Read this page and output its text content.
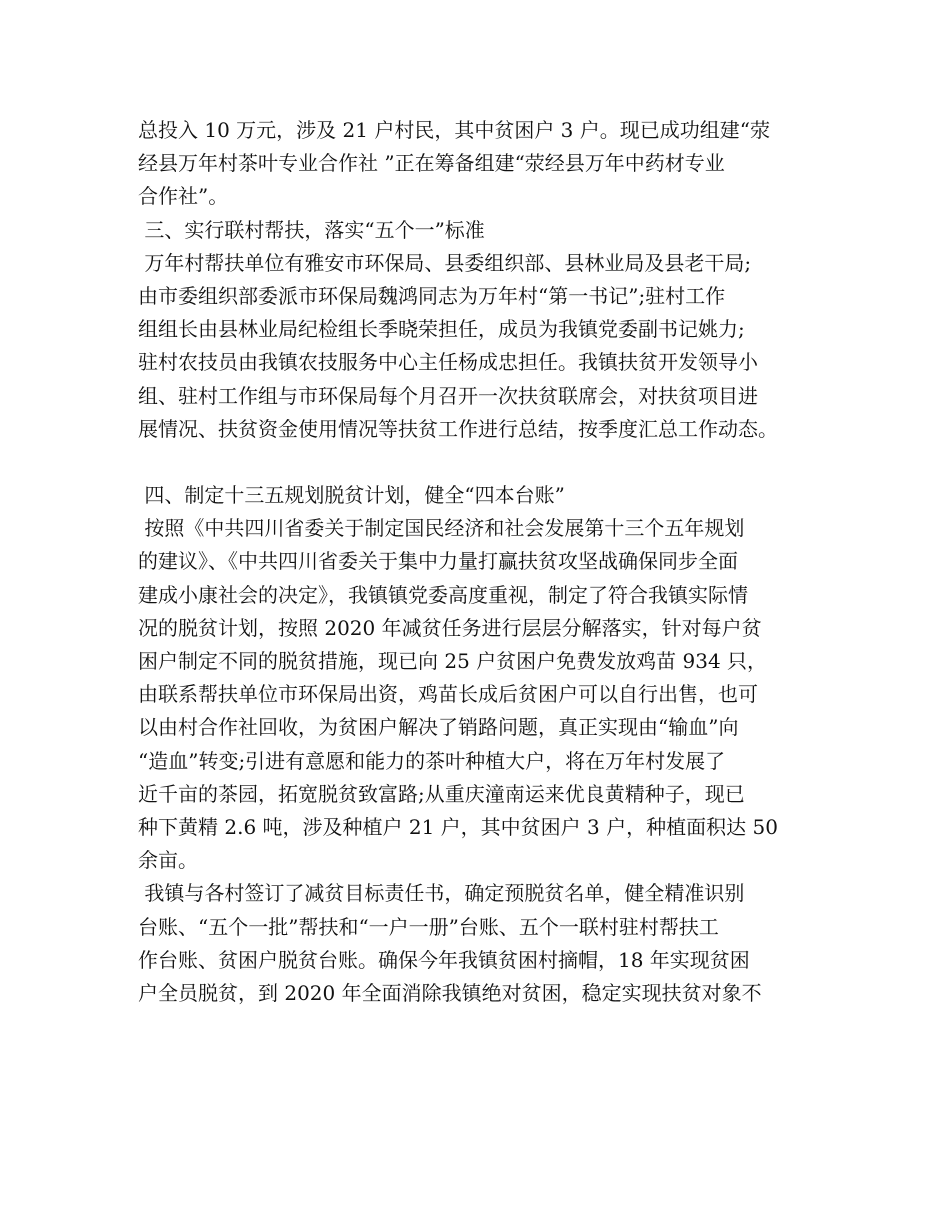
总投入 10 万元，涉及 21 户村民，其中贫困户 3 户。现已成功组建“荥
经县万年村茶叶专业合作社 ”正在筹备组建“荥经县万年中药材专业
合作社”。
三、实行联村帮扶，落实“五个一”标准
万年村帮扶单位有雅安市环保局、县委组织部、县林业局及县老干局;
由市委组织部委派市环保局魏鸿同志为万年村“第一书记”;驻村工作
组组长由县林业局纪检组长季晓荣担任，成员为我镇党委副书记姚力;
驻村农技员由我镇农技服务中心主任杨成忠担任。我镇扶贫开发领导小
组、驻村工作组与市环保局每个月召开一次扶贫联席会，对扶贫项目进
展情况、扶贫资金使用情况等扶贫工作进行总结，按季度汇总工作动态。
四、制定十三五规划脱贫计划，健全“四本台账”
按照《中共四川省委关于制定国民经济和社会发展第十三个五年规划
的建议》、《中共四川省委关于集中力量打赢扶贫攻坚战确保同步全面
建成小康社会的决定》，我镇镇党委高度重视，制定了符合我镇实际情
况的脱贫计划，按照 2020 年减贫任务进行层层分解落实，针对每户贫
困户制定不同的脱贫措施，现已向 25 户贫困户免费发放鸡苗 934 只，
由联系帮扶单位市环保局出资，鸡苗长成后贫困户可以自行出售，也可
以由村合作社回收，为贫困户解决了销路问题，真正实现由“输血”向
“造血”转变;引进有意愿和能力的茶叶种植大户，将在万年村发展了
近千亩的茶园，拓宽脱贫致富路;从重庆潼南运来优良黄精种子，现已
种下黄精 2.6 吨，涉及种植户 21 户，其中贫困户 3 户，种植面积达 50
余亩。
我镇与各村签订了减贫目标责任书，确定预脱贫名单，健全精准识别
台账、“五个一批”帮扶和“一户一册”台账、五个一联村驻村帮扶工
作台账、贫困户脱贫台账。确保今年我镇贫困村摘帽，18 年实现贫困
户全员脱贫，到 2020 年全面消除我镇绝对贫困，稳定实现扶贫对象不
